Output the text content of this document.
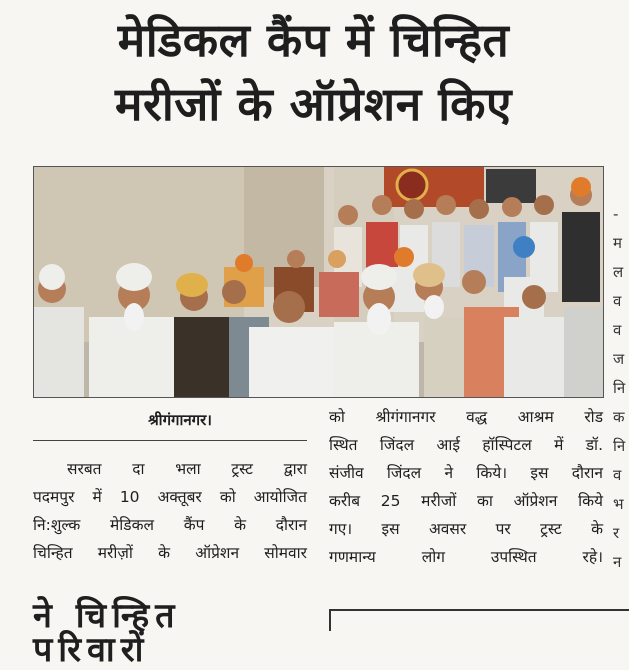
मेडिकल कैंप में चिन्हित
मरीजों के ऑप्रेशन किए
श्रीगंगानगर।
सरबत दा भला ट्रस्ट द्वारा
पदमपुर में 10 अक्तूबर को आयोजित
नि:शुल्क मेडिकल कैंप के दौरान
चिन्हित मरीज़ों के ऑप्रेशन सोमवार
को श्रीगंगानगर वद्ध आश्रम रोड
स्थित जिंदल आई हॉस्पिटल में डॉ.
संजीव जिंदल ने किये। इस दौरान
करीब 25 मरीजों का ऑप्रेशन किये
गए। इस अवसर पर ट्रस्ट के
गणमान्य लोग उपस्थित रहे।
-
म
ल
व
व
ज
नि
क
नि
व
भ
र
न
ने चिन्हित परिवारों
